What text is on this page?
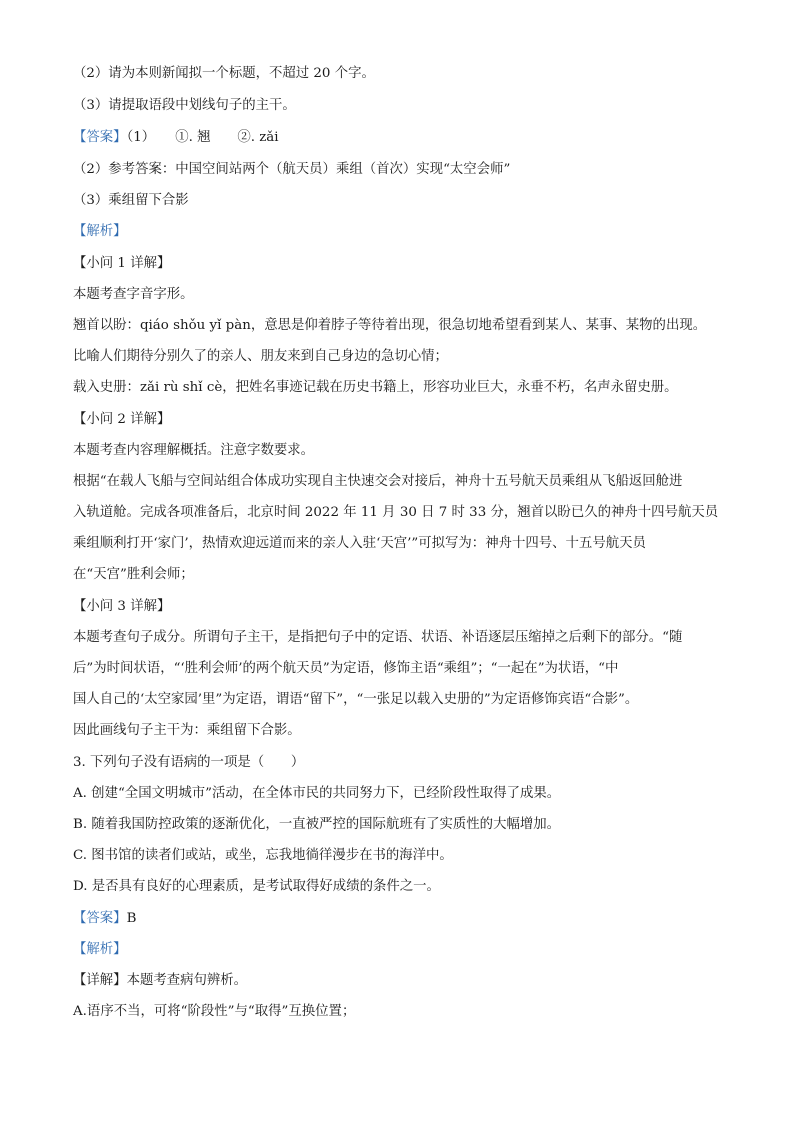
（2）请为本则新闻拟一个标题，不超过 20 个字。
（3）请提取语段中划线句子的主干。
【答案】（1）　　①. 翘　　②. zǎi
（2）参考答案：中国空间站两个（航天员）乘组（首次）实现“太空会师”
（3）乘组留下合影
【解析】
【小问 1 详解】
本题考查字音字形。
翘首以盼：qiáo shǒu yǐ pàn，意思是仰着脖子等待着出现，很急切地希望看到某人、某事、某物的出现。
比喻人们期待分别久了的亲人、朋友来到自己身边的急切心情；
载入史册：zǎi rù shǐ cè，把姓名事迹记载在历史书籍上，形容功业巨大，永垂不朽，名声永留史册。
【小问 2 详解】
本题考查内容理解概括。注意字数要求。
根据“在载人飞船与空间站组合体成功实现自主快速交会对接后，神舟十五号航天员乘组从飞船返回舱进
入轨道舱。完成各项准备后，北京时间 2022 年 11 月 30 日 7 时 33 分，翘首以盼已久的神舟十四号航天员
乘组顺利打开‘家门’，热情欢迎远道而来的亲人入驻‘天宫’”可拟写为：神舟十四号、十五号航天员
在“天宫”胜利会师；
【小问 3 详解】
本题考查句子成分。所谓句子主干，是指把句子中的定语、状语、补语逐层压缩掉之后剩下的部分。“随
后”为时间状语，“‘胜利会师’的两个航天员”为定语，修饰主语“乘组”；“一起在”为状语，“中
国人自己的‘太空家园’里”为定语，谓语“留下”，“一张足以载入史册的”为定语修饰宾语“合影”。
因此画线句子主干为：乘组留下合影。
3. 下列句子没有语病的一项是（　　）
A. 创建“全国文明城市”活动，在全体市民的共同努力下，已经阶段性取得了成果。
B. 随着我国防控政策的逐渐优化，一直被严控的国际航班有了实质性的大幅增加。
C. 图书馆的读者们或站，或坐，忘我地徜徉漫步在书的海洋中。
D. 是否具有良好的心理素质，是考试取得好成绩的条件之一。
【答案】B
【解析】
【详解】本题考查病句辨析。
A.语序不当，可将“阶段性”与“取得”互换位置；
